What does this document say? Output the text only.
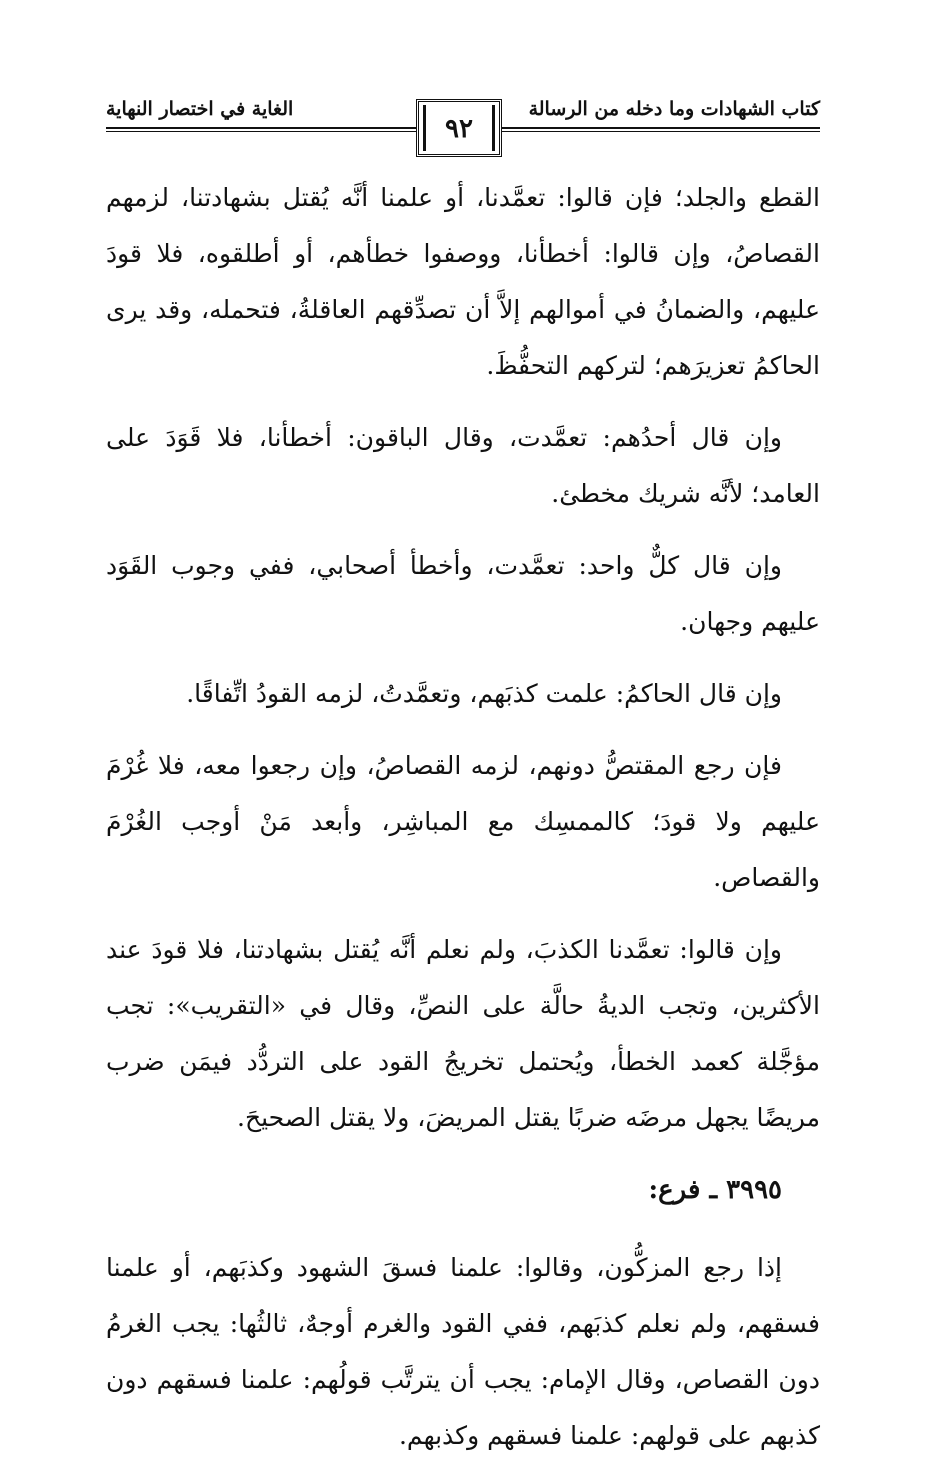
كتاب الشهادات وما دخله من الرسالة
الغاية في اختصار النهاية
٩٢

القطع والجلد؛ فإن قالوا: تعمَّدنا، أو علمنا أنَّه يُقتل بشهادتنا، لزمهم القصاصُ، وإن قالوا: أخطأنا، ووصفوا خطأهم، أو أطلقوه، فلا قودَ عليهم، والضمانُ في أموالهم إلاَّ أن تصدِّقهم العاقلةُ، فتحمله، وقد يرى الحاكمُ تعزيرَهم؛ لتركهم التحفُّظَ.

وإن قال أحدُهم: تعمَّدت، وقال الباقون: أخطأنا، فلا قَوَدَ على العامد؛ لأنَّه شريك مخطئ.

وإن قال كلٌّ واحد: تعمَّدت، وأخطأ أصحابي، ففي وجوب القَوَد عليهم وجهان.

وإن قال الحاكمُ: علمت كذبَهم، وتعمَّدتُ، لزمه القودُ اتِّفاقًا.

فإن رجع المقتصُّ دونهم، لزمه القصاصُ، وإن رجعوا معه، فلا غُرْمَ عليهم ولا قودَ؛ كالممسِك مع المباشِر، وأبعد مَنْ أوجب الغُرْمَ والقصاص.

وإن قالوا: تعمَّدنا الكذبَ، ولم نعلم أنَّه يُقتل بشهادتنا، فلا قودَ عند الأكثرين، وتجب الديةُ حالَّة على النصِّ، وقال في «التقريب»: تجب مؤجَّلة كعمد الخطأ، ويُحتمل تخريجُ القود على التردُّد فيمَن ضرب مريضًا يجهل مرضَه ضربًا يقتل المريضَ، ولا يقتل الصحيحَ.

٣٩٩٥ ـ فرع:

إذا رجع المزكُّون، وقالوا: علمنا فسقَ الشهود وكذبَهم، أو علمنا فسقهم، ولم نعلم كذبَهم، ففي القود والغرم أوجهٌ، ثالثُها: يجب الغرمُ دون القصاص، وقال الإمام: يجب أن يترتَّب قولُهم: علمنا فسقهم دون كذبهم على قولهم: علمنا فسقهم وكذبهم.
